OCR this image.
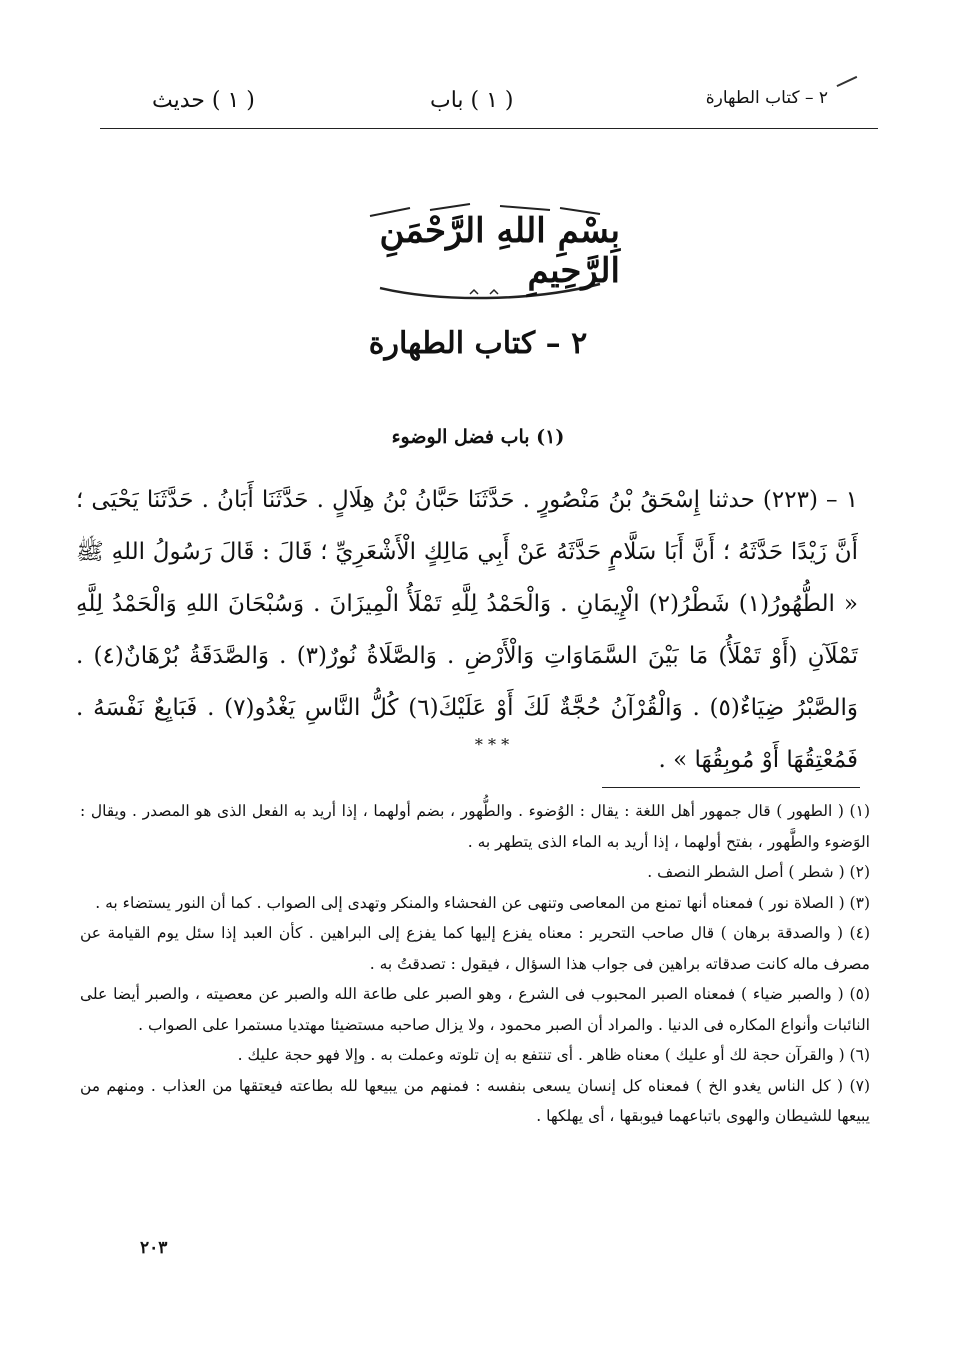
٢ – كتاب الطهارة
( ١ ) باب
( ١ ) حديث
بِسْمِ اللهِ الرَّحْمَنِ الرَّحِيمِ
٢ – كتاب الطهارة
(١) باب فضل الوضوء
١ – (٢٢٣) حدثنا إِسْحَقُ بْنُ مَنْصُورٍ . حَدَّثَنَا حَبَّانُ بْنُ هِلَالٍ . حَدَّثَنَا أَبَانُ . حَدَّثَنَا يَحْيَى ؛ أَنَّ زَيْدًا حَدَّثَهُ ؛ أَنَّ أَبَا سَلَّامٍ حَدَّثَهُ عَنْ أَبِي مَالِكٍ الْأَشْعَرِيِّ ؛ قَالَ : قَالَ رَسُولُ اللهِ ﷺ « الطُّهُورُ(١) شَطْرُ(٢) الْإِيمَانِ . وَالْحَمْدُ لِلَّهِ تَمْلَأُ الْمِيزَانَ . وَسُبْحَانَ اللهِ وَالْحَمْدُ لِلَّهِ تَمْلَآنِ (أَوْ تَمْلَأُ) مَا بَيْنَ السَّمَاوَاتِ وَالْأَرْضِ . وَالصَّلَاةُ نُورٌ(٣) . وَالصَّدَقَةُ بُرْهَانٌ(٤) . وَالصَّبْرُ ضِيَاءٌ(٥) . وَالْقُرْآنُ حُجَّةٌ لَكَ أَوْ عَلَيْكَ(٦) كُلُّ النَّاسِ يَغْدُو(٧) . فَبَايِعٌ نَفْسَهُ . فَمُعْتِقُهَا أَوْ مُوبِقُهَا » .
* * *

(١) ( الطهور ) قال جمهور أهل اللغة : يقال : الوُضوء . والطُّهور ، بضم أولهما ، إذا أريد به الفعل الذى هو المصدر . ويقال : الوَضوء والطَّهور ، بفتح أولهما ، إذا أريد به الماء الذى يتطهر به .

(٢) ( شطر ) أصل الشطر النصف .

(٣) ( الصلاة نور ) فمعناه أنها تمنع من المعاصى وتنهى عن الفحشاء والمنكر وتهدى إلى الصواب . كما أن النور يستضاء به .

(٤) ( والصدقة برهان ) قال صاحب التحرير : معناه يفزع إليها كما يفزع إلى البراهين . كأن العبد إذا سئل يوم القيامة عن مصرف ماله كانت صدقاته براهين فى جواب هذا السؤال ، فيقول : تصدقتُ به .

(٥) ( والصبر ضياء ) فمعناه الصبر المحبوب فى الشرع ، وهو الصبر على طاعة الله والصبر عن معصيته ، والصبر أيضا على النائبات وأنواع المكاره فى الدنيا . والمراد أن الصبر محمود ، ولا يزال صاحبه مستضيئا مهتديا مستمرا على الصواب .

(٦) ( والقرآن حجة لك أو عليك ) معناه ظاهر . أى تنتفع به إن تلوته وعملت به . وإلا فهو حجة عليك .

(٧) ( كل الناس يغدو الخ ) فمعناه كل إنسان يسعى بنفسه : فمنهم من يبيعها لله بطاعته فيعتقها من العذاب . ومنهم من يبيعها للشيطان والهوى باتباعهما فيوبقها ، أى يهلكها .

٢٠٣
